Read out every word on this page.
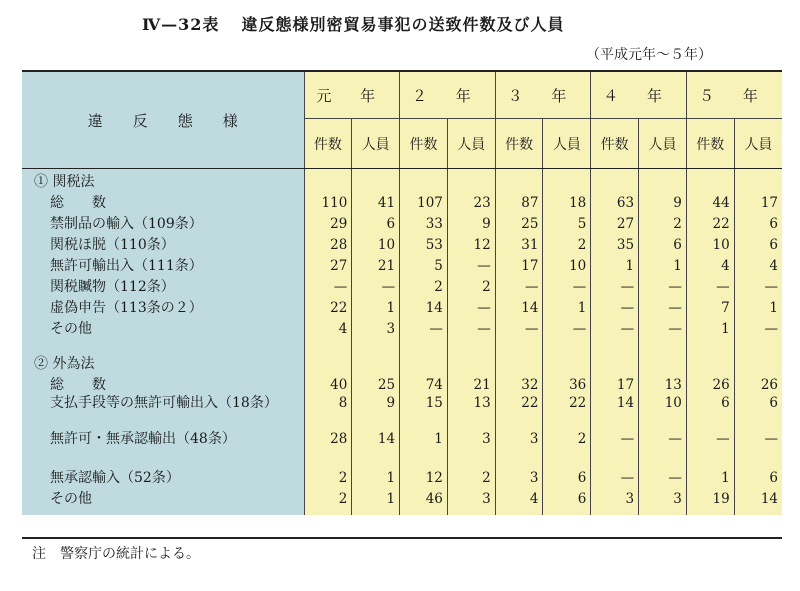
Ⅳ—32表 違反態様別密貿易事犯の送致件数及び人員
（平成元年〜５年）
違反態様	元 年		２ 年		３ 年		４ 年		５ 年	
	件数	人員	件数	人員	件数	人員	件数	人員	件数	人員
① 関税法										
総　　数	110	41	107	23	87	18	63	9	44	17
禁制品の輸入（109条）	29	6	33	9	25	5	27	2	22	6
関税ほ脱（110条）	28	10	53	12	31	2	35	6	10	6
無許可輸出入（111条）	27	21	5	—	17	10	1	1	4	4
関税贓物（112条）	—	—	2	2	—	—	—	—	—	—
虚偽申告（113条の２）	22	1	14	—	14	1	—	—	7	1
その他	4	3	—	—	—	—	—	—	1	—

② 外為法										
総　　数	40	25	74	21	32	36	17	13	26	26
支払手段等の無許可輸出入（18条）	8	9	15	13	22	22	14	10	6	6
無許可・無承認輸出（48条）	28	14	1	3	3	2	—	—	—	—
無承認輸入（52条）	2	1	12	2	3	6	—	—	1	6
その他	2	1	46	3	4	6	3	3	19	14

注　警察庁の統計による。
